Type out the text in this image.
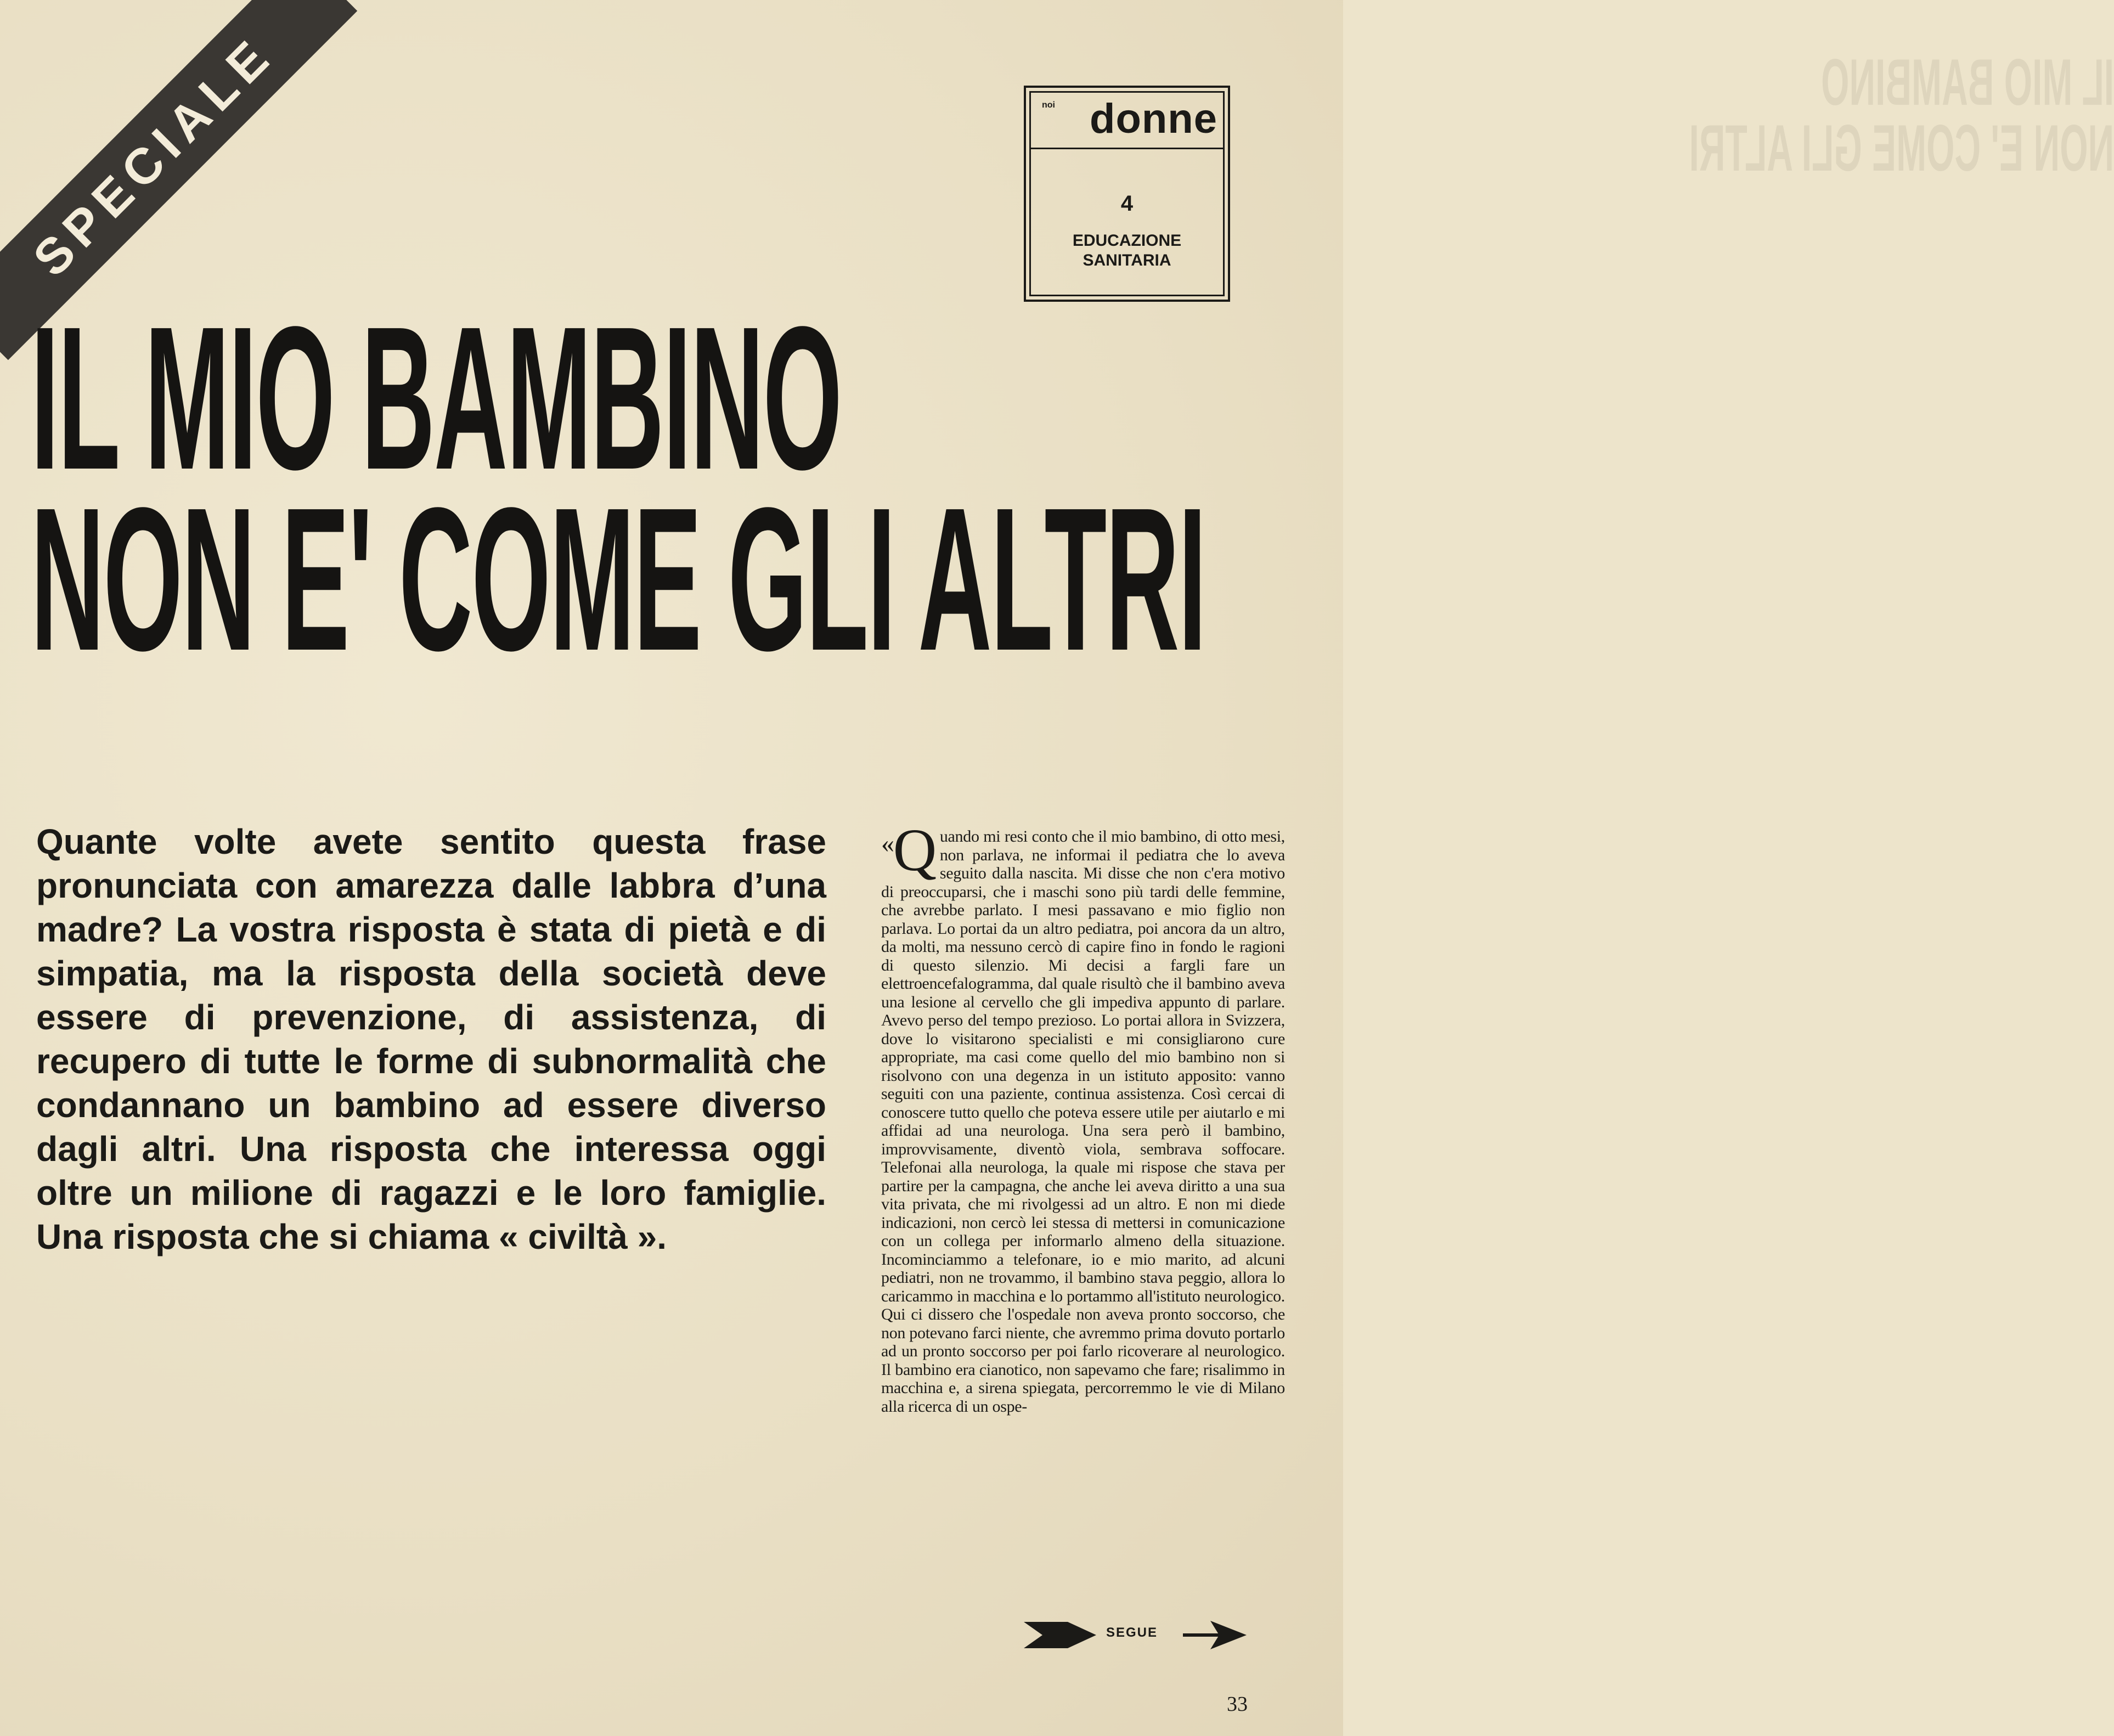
IL MIO BAMBINO
NON E' COME GLI ALTRI
SPECIALE	noi donne
4
EDUCAZIONE
SANITARIA
IL MIO BAMBINO
NON E' COME GLI ALTRI
Quante volte avete sentito questa frase pronunciata con amarezza dalle labbra d’una madre? La vostra risposta è stata di pietà e di simpatia, ma la risposta della società deve essere di prevenzione, di assistenza, di recupero di tutte le forme di subnormalità che condannano un bambino ad essere diverso dagli altri. Una risposta che interessa oggi oltre un milione di ragazzi e le loro famiglie. Una risposta che si chiama « civiltà ».
«
Q uando mi resi conto che il mio bambino, di otto mesi, non parlava, ne informai il pediatra che lo aveva seguito dalla nascita. Mi disse che non c'era motivo di preoccuparsi, che i maschi sono più tardi delle femmine, che avrebbe parlato. I mesi passavano e mio figlio non parlava. Lo portai da un altro pediatra, poi ancora da un altro, da molti, ma nessuno cercò di capire fino in fondo le ragioni di questo silenzio. Mi decisi a fargli fare un elettroencefalogramma, dal quale risultò che il bambino aveva una lesione al cervello che gli impediva appunto di parlare. Avevo perso del tempo prezioso. Lo portai allora in Svizzera, dove lo visitarono specialisti e mi consigliarono cure appropriate, ma casi come quello del mio bambino non si risolvono con una degenza in un istituto apposito: vanno seguiti con una paziente, continua assistenza. Così cercai di conoscere tutto quello che poteva essere utile per aiutarlo e mi affidai ad una neurologa. Una sera però il bambino, improvvisamente, diventò viola, sembrava soffocare. Telefonai alla neurologa, la quale mi rispose che stava per partire per la campagna, che anche lei aveva diritto a una sua vita privata, che mi rivolgessi ad un altro. E non mi diede indicazioni, non cercò lei stessa di mettersi in comunicazione con un collega per informarlo almeno della situazione. Incominciammo a telefonare, io e mio marito, ad alcuni pediatri, non ne trovammo, il bambino stava peggio, allora lo caricammo in macchina e lo portammo all'istituto neurologico. Qui ci dissero che l'ospedale non aveva pronto soccorso, che non potevano farci niente, che avremmo prima dovuto portarlo ad un pronto soccorso per poi farlo ricoverare al neurologico. Il bambino era cianotico, non sapevamo che fare; risalimmo in macchina e, a sirena spiegata, percorremmo le vie di Milano alla ricerca di un ospe-
SEGUE
33
